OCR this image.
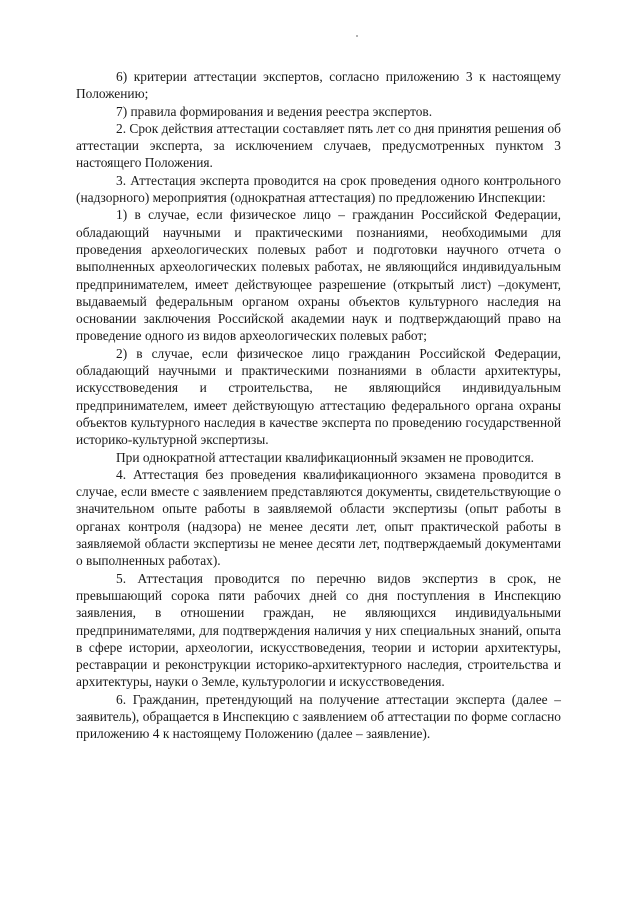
6) критерии аттестации экспертов, согласно приложению 3 к настоящему Положению;

7) правила формирования и ведения реестра экспертов.

2. Срок действия аттестации составляет пять лет со дня принятия решения об аттестации эксперта, за исключением случаев, предусмотренных пунктом 3 настоящего Положения.

3. Аттестация эксперта проводится на срок проведения одного контрольного (надзорного) мероприятия (однократная аттестация) по предложению Инспекции:

1) в случае, если физическое лицо – гражданин Российской Федерации, обладающий научными и практическими познаниями, необходимыми для проведения археологических полевых работ и подготовки научного отчета о выполненных археологических полевых работах, не являющийся индивидуальным предпринимателем, имеет действующее разрешение (открытый лист) –документ, выдаваемый федеральным органом охраны объектов культурного наследия на основании заключения Российской академии наук и подтверждающий право на проведение одного из видов археологических полевых работ;

2) в случае, если физическое лицо гражданин Российской Федерации, обладающий научными и практическими познаниями в области архитектуры, искусствоведения и строительства, не являющийся индивидуальным предпринимателем, имеет действующую аттестацию федерального органа охраны объектов культурного наследия в качестве эксперта по проведению государственной историко-культурной экспертизы.

При однократной аттестации квалификационный экзамен не проводится.

4. Аттестация без проведения квалификационного экзамена проводится в случае, если вместе с заявлением представляются документы, свидетельствующие о значительном опыте работы в заявляемой области экспертизы (опыт работы в органах контроля (надзора) не менее десяти лет, опыт практической работы в заявляемой области экспертизы не менее десяти лет, подтверждаемый документами о выполненных работах).

5. Аттестация проводится по перечню видов экспертиз в срок, не превышающий сорока пяти рабочих дней со дня поступления в Инспекцию заявления, в отношении граждан, не являющихся индивидуальными предпринимателями, для подтверждения наличия у них специальных знаний, опыта в сфере истории, археологии, искусствоведения, теории и истории архитектуры, реставрации и реконструкции историко-архитектурного наследия, строительства и архитектуры, науки о Земле, культурологии и искусствоведения.

6. Гражданин, претендующий на получение аттестации эксперта (далее –заявитель), обращается в Инспекцию с заявлением об аттестации по форме согласно приложению 4 к настоящему Положению (далее – заявление).
